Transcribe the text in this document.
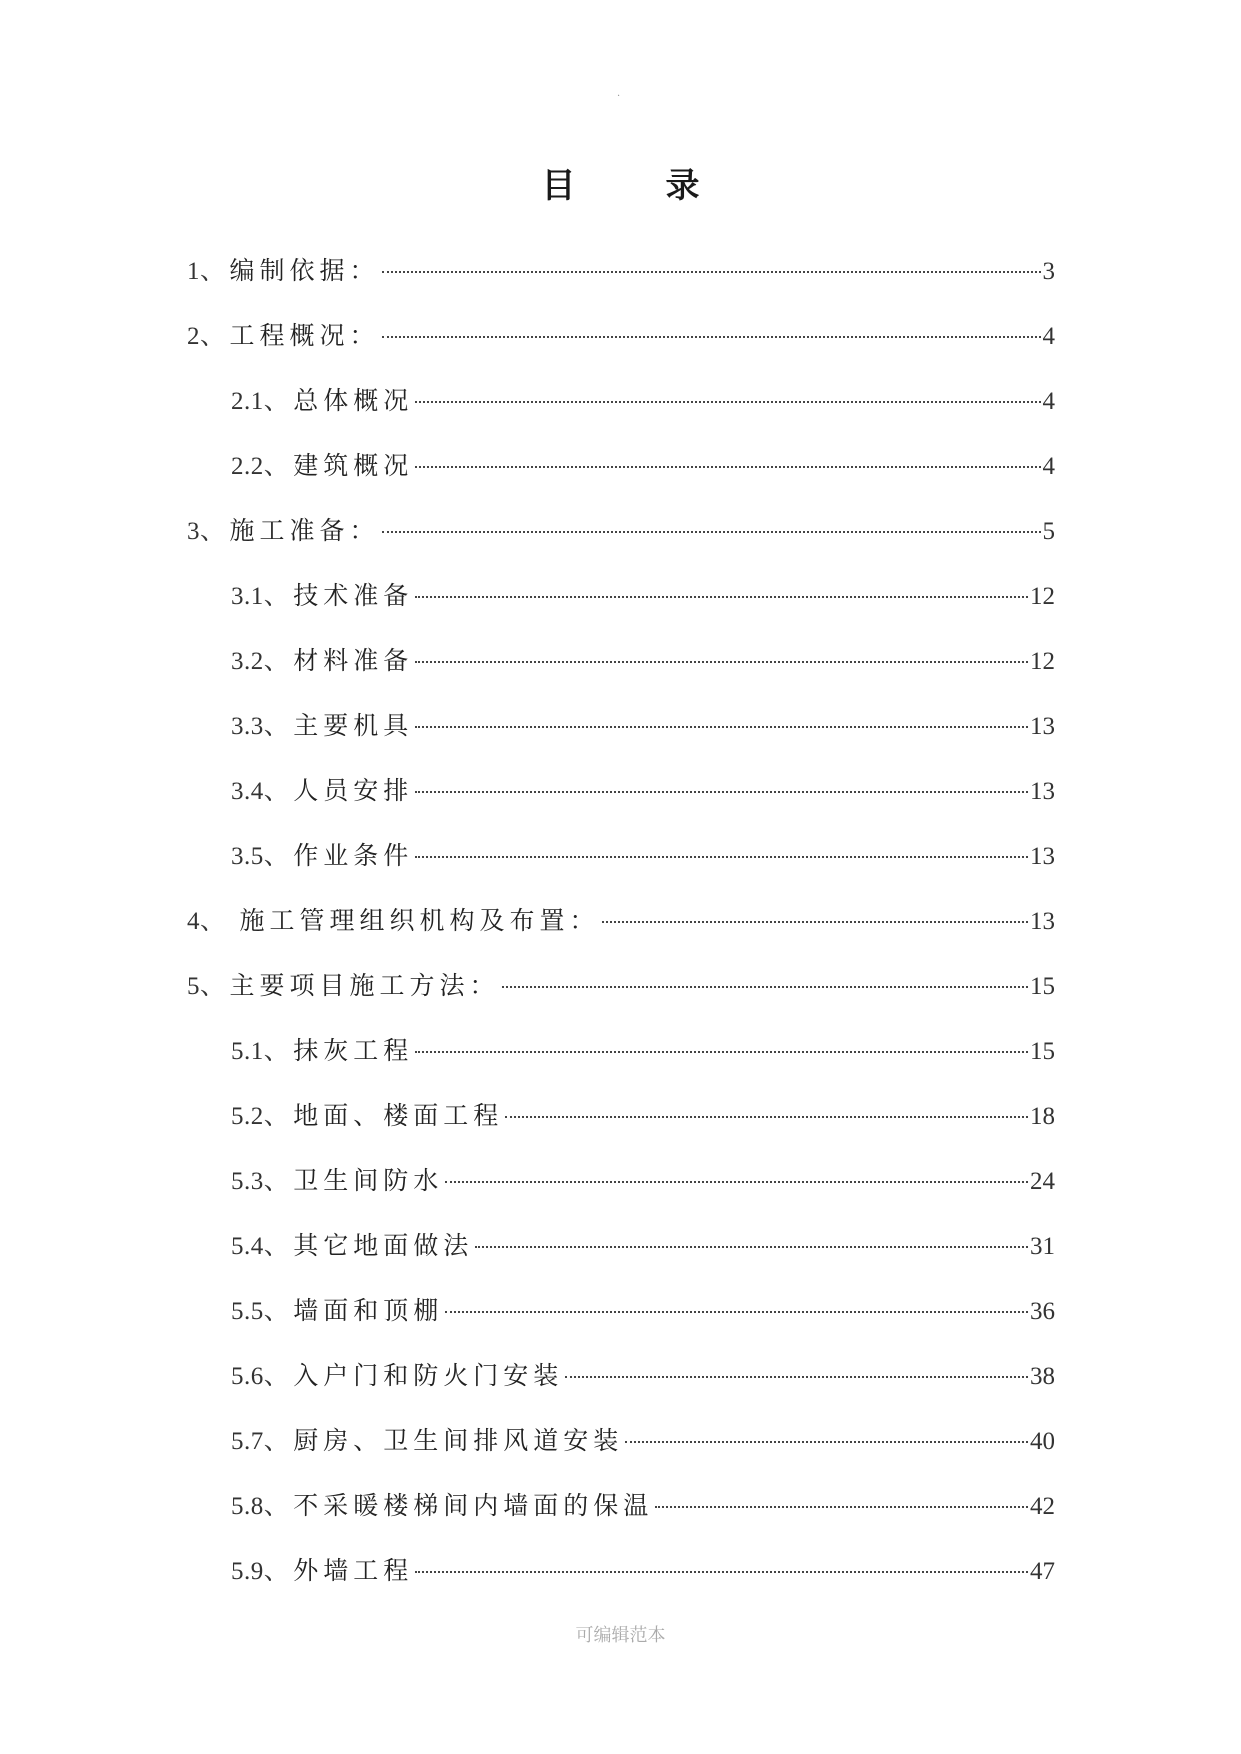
·
目	录
1、 编制依据：	3
2、 工程概况：	4
2.1、 总体概况	4
2.2、 建筑概况	4
3、 施工准备：	5
3.1、 技术准备	12
3.2、 材料准备	12
3.3、 主要机具	13
3.4、 人员安排	13
3.5、 作业条件	13
4、 施工管理组织机构及布置：	13
5、 主要项目施工方法：	15
5.1、 抹灰工程	15
5.2、 地面、楼面工程	18
5.3、 卫生间防水	24
5.4、 其它地面做法	31
5.5、 墙面和顶棚	36
5.6、 入户门和防火门安装	38
5.7、 厨房、卫生间排风道安装	40
5.8、 不采暖楼梯间内墙面的保温	42
5.9、 外墙工程	47
可编辑范本
